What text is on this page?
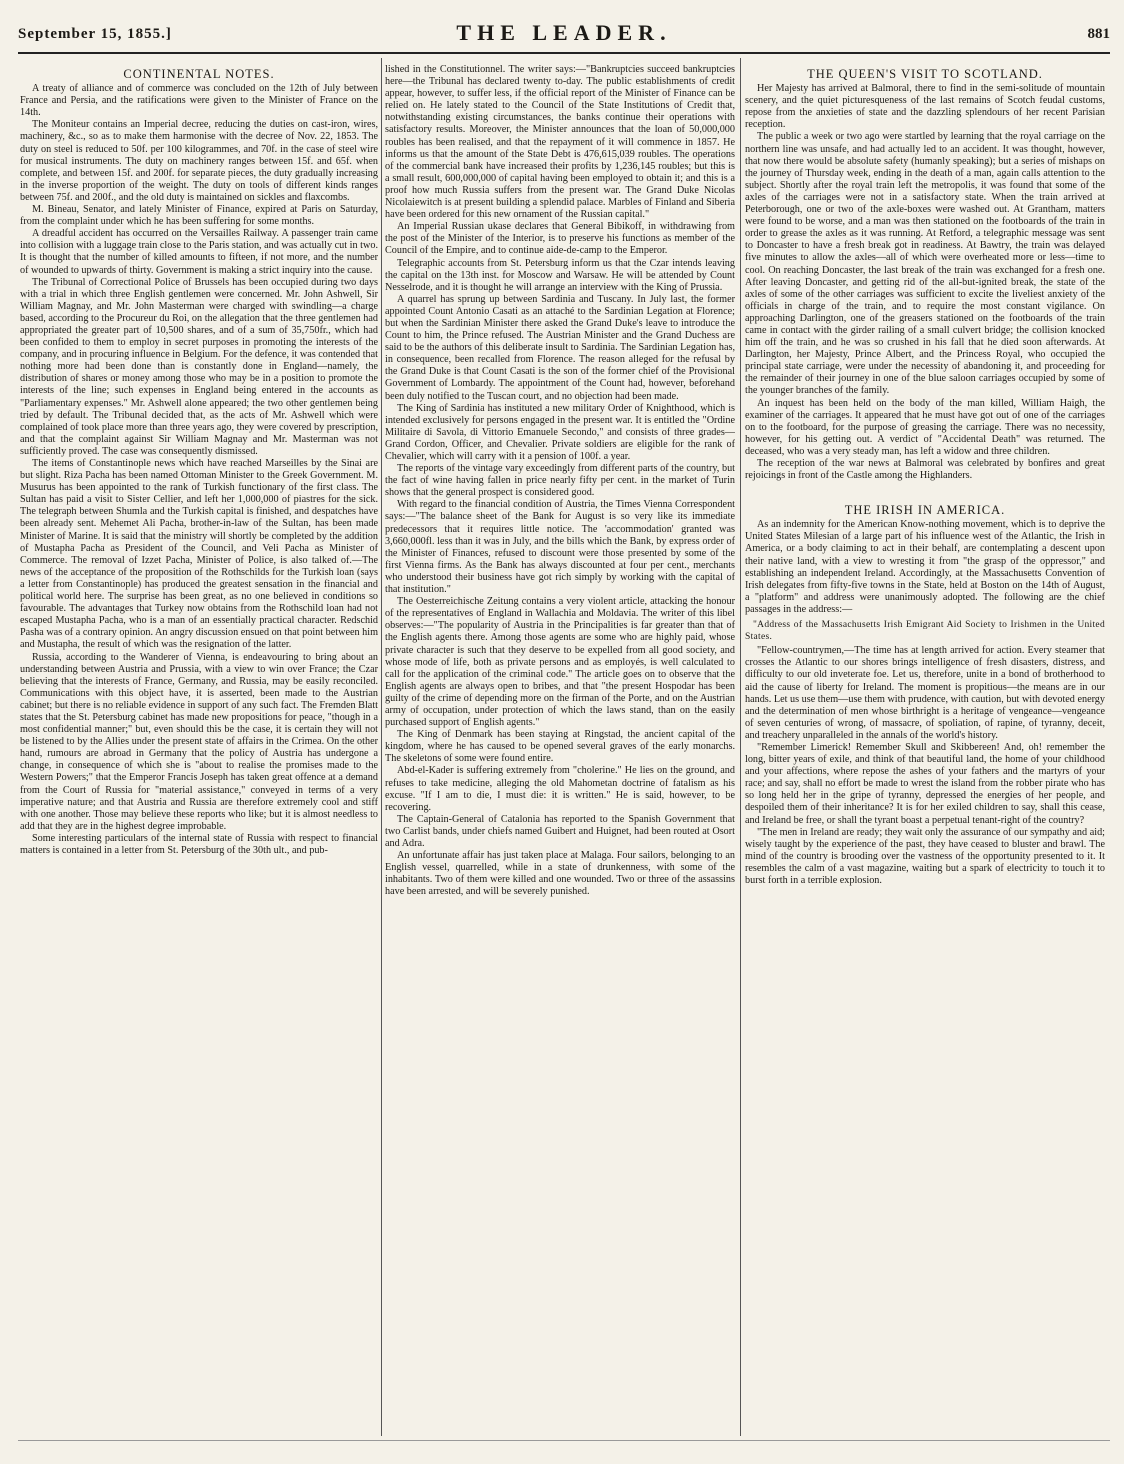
September 15, 1855.]	THE LEADER.	881
CONTINENTAL NOTES.

A treaty of alliance and of commerce was concluded on the 12th of July between France and Persia, and the ratifications were given to the Minister of France on the 14th.

The Moniteur contains an Imperial decree, reducing the duties on cast-iron, wires, machinery, &c., so as to make them harmonise with the decree of Nov. 22, 1853. The duty on steel is reduced to 50f. per 100 kilogrammes, and 70f. in the case of steel wire for musical instruments. The duty on machinery ranges between 15f. and 65f. when complete, and between 15f. and 200f. for separate pieces, the duty gradually increasing in the inverse proportion of the weight. The duty on tools of different kinds ranges between 75f. and 200f., and the old duty is maintained on sickles and flaxcombs.

M. Bineau, Senator, and lately Minister of Finance, expired at Paris on Saturday, from the complaint under which he has been suffering for some months.

A dreadful accident has occurred on the Versailles Railway. A passenger train came into collision with a luggage train close to the Paris station, and was actually cut in two. It is thought that the number of killed amounts to fifteen, if not more, and the number of wounded to upwards of thirty. Government is making a strict inquiry into the cause.

The Tribunal of Correctional Police of Brussels has been occupied during two days with a trial in which three English gentlemen were concerned. Mr. John Ashwell, Sir William Magnay, and Mr. John Masterman were charged with swindling—a charge based, according to the Procureur du Roi, on the allegation that the three gentlemen had appropriated the greater part of 10,500 shares, and of a sum of 35,750fr., which had been confided to them to employ in secret purposes in promoting the interests of the company, and in procuring influence in Belgium. For the defence, it was contended that nothing more had been done than is constantly done in England—namely, the distribution of shares or money among those who may be in a position to promote the interests of the line; such expenses in England being entered in the accounts as "Parliamentary expenses." Mr. Ashwell alone appeared; the two other gentlemen being tried by default. The Tribunal decided that, as the acts of Mr. Ashwell which were complained of took place more than three years ago, they were covered by prescription, and that the complaint against Sir William Magnay and Mr. Masterman was not sufficiently proved. The case was consequently dismissed.

The items of Constantinople news which have reached Marseilles by the Sinai are but slight. Riza Pacha has been named Ottoman Minister to the Greek Government. M. Musurus has been appointed to the rank of Turkish functionary of the first class. The Sultan has paid a visit to Sister Cellier, and left her 1,000,000 of piastres for the sick. The telegraph between Shumla and the Turkish capital is finished, and despatches have been already sent. Mehemet Ali Pacha, brother-in-law of the Sultan, has been made Minister of Marine. It is said that the ministry will shortly be completed by the addition of Mustapha Pacha as President of the Council, and Veli Pacha as Minister of Commerce. The removal of Izzet Pacha, Minister of Police, is also talked of.—The news of the acceptance of the proposition of the Rothschilds for the Turkish loan (says a letter from Constantinople) has produced the greatest sensation in the financial and political world here. The surprise has been great, as no one believed in conditions so favourable. The advantages that Turkey now obtains from the Rothschild loan had not escaped Mustapha Pacha, who is a man of an essentially practical character. Redschid Pasha was of a contrary opinion. An angry discussion ensued on that point between him and Mustapha, the result of which was the resignation of the latter.

Russia, according to the Wanderer of Vienna, is endeavouring to bring about an understanding between Austria and Prussia, with a view to win over France; the Czar believing that the interests of France, Germany, and Russia, may be easily reconciled. Communications with this object have, it is asserted, been made to the Austrian cabinet; but there is no reliable evidence in support of any such fact. The Fremden Blatt states that the St. Petersburg cabinet has made new propositions for peace, "though in a most confidential manner;" but, even should this be the case, it is certain they will not be listened to by the Allies under the present state of affairs in the Crimea. On the other hand, rumours are abroad in Germany that the policy of Austria has undergone a change, in consequence of which she is "about to realise the promises made to the Western Powers;" that the Emperor Francis Joseph has taken great offence at a demand from the Court of Russia for "material assistance," conveyed in terms of a very imperative nature; and that Austria and Russia are therefore extremely cool and stiff with one another. Those may believe these reports who like; but it is almost needless to add that they are in the highest degree improbable.

Some interesting particulars of the internal state of Russia with respect to financial matters is contained in a letter from St. Petersburg of the 30th ult., and pub-

lished in the Constitutionnel. The writer says:—"Bankruptcies succeed bankruptcies here—the Tribunal has declared twenty to-day. The public establishments of credit appear, however, to suffer less, if the official report of the Minister of Finance can be relied on. He lately stated to the Council of the State Institutions of Credit that, notwithstanding existing circumstances, the banks continue their operations with satisfactory results. Moreover, the Minister announces that the loan of 50,000,000 roubles has been realised, and that the repayment of it will commence in 1857. He informs us that the amount of the State Debt is 476,615,039 roubles. The operations of the commercial bank have increased their profits by 1,236,145 roubles; but this is a small result, 600,000,000 of capital having been employed to obtain it; and this is a proof how much Russia suffers from the present war. The Grand Duke Nicolas Nicolaiewitch is at present building a splendid palace. Marbles of Finland and Siberia have been ordered for this new ornament of the Russian capital."

An Imperial Russian ukase declares that General Bibikoff, in withdrawing from the post of the Minister of the Interior, is to preserve his functions as member of the Council of the Empire, and to continue aide-de-camp to the Emperor.

Telegraphic accounts from St. Petersburg inform us that the Czar intends leaving the capital on the 13th inst. for Moscow and Warsaw. He will be attended by Count Nesselrode, and it is thought he will arrange an interview with the King of Prussia.

A quarrel has sprung up between Sardinia and Tuscany. In July last, the former appointed Count Antonio Casati as an attaché to the Sardinian Legation at Florence; but when the Sardinian Minister there asked the Grand Duke's leave to introduce the Count to him, the Prince refused. The Austrian Minister and the Grand Duchess are said to be the authors of this deliberate insult to Sardinia. The Sardinian Legation has, in consequence, been recalled from Florence. The reason alleged for the refusal by the Grand Duke is that Count Casati is the son of the former chief of the Provisional Government of Lombardy. The appointment of the Count had, however, beforehand been duly notified to the Tuscan court, and no objection had been made.

The King of Sardinia has instituted a new military Order of Knighthood, which is intended exclusively for persons engaged in the present war. It is entitled the "Ordine Militaire di Savola, di Vittorio Emanuele Secondo," and consists of three grades—Grand Cordon, Officer, and Chevalier. Private soldiers are eligible for the rank of Chevalier, which will carry with it a pension of 100f. a year.

The reports of the vintage vary exceedingly from different parts of the country, but the fact of wine having fallen in price nearly fifty per cent. in the market of Turin shows that the general prospect is considered good.

With regard to the financial condition of Austria, the Times Vienna Correspondent says:—"The balance sheet of the Bank for August is so very like its immediate predecessors that it requires little notice. The 'accommodation' granted was 3,660,000fl. less than it was in July, and the bills which the Bank, by express order of the Minister of Finances, refused to discount were those presented by some of the first Vienna firms. As the Bank has always discounted at four per cent., merchants who understood their business have got rich simply by working with the capital of that institution."

The Oesterreichische Zeitung contains a very violent article, attacking the honour of the representatives of England in Wallachia and Moldavia. The writer of this libel observes:—"The popularity of Austria in the Principalities is far greater than that of the English agents there. Among those agents are some who are highly paid, whose private character is such that they deserve to be expelled from all good society, and whose mode of life, both as private persons and as employés, is well calculated to call for the application of the criminal code." The article goes on to observe that the English agents are always open to bribes, and that "the present Hospodar has been guilty of the crime of depending more on the firman of the Porte, and on the Austrian army of occupation, under protection of which the laws stand, than on the easily purchased support of English agents."

The King of Denmark has been staying at Ringstad, the ancient capital of the kingdom, where he has caused to be opened several graves of the early monarchs. The skeletons of some were found entire.

Abd-el-Kader is suffering extremely from "cholerine." He lies on the ground, and refuses to take medicine, alleging the old Mahometan doctrine of fatalism as his excuse. "If I am to die, I must die: it is written." He is said, however, to be recovering.

The Captain-General of Catalonia has reported to the Spanish Government that two Carlist bands, under chiefs named Guibert and Huignet, had been routed at Osort and Adra.

An unfortunate affair has just taken place at Malaga. Four sailors, belonging to an English vessel, quarrelled, while in a state of drunkenness, with some of the inhabitants. Two of them were killed and one wounded. Two or three of the assassins have been arrested, and will be severely punished.

THE QUEEN'S VISIT TO SCOTLAND.

Her Majesty has arrived at Balmoral, there to find in the semi-solitude of mountain scenery, and the quiet picturesqueness of the last remains of Scotch feudal customs, repose from the anxieties of state and the dazzling splendours of her recent Parisian reception.

The public a week or two ago were startled by learning that the royal carriage on the northern line was unsafe, and had actually led to an accident. It was thought, however, that now there would be absolute safety (humanly speaking); but a series of mishaps on the journey of Thursday week, ending in the death of a man, again calls attention to the subject. Shortly after the royal train left the metropolis, it was found that some of the axles of the carriages were not in a satisfactory state. When the train arrived at Peterborough, one or two of the axle-boxes were washed out. At Grantham, matters were found to be worse, and a man was then stationed on the footboards of the train in order to grease the axles as it was running. At Retford, a telegraphic message was sent to Doncaster to have a fresh break got in readiness. At Bawtry, the train was delayed five minutes to allow the axles—all of which were overheated more or less—time to cool. On reaching Doncaster, the last break of the train was exchanged for a fresh one. After leaving Doncaster, and getting rid of the all-but-ignited break, the state of the axles of some of the other carriages was sufficient to excite the liveliest anxiety of the officials in charge of the train, and to require the most constant vigilance. On approaching Darlington, one of the greasers stationed on the footboards of the train came in contact with the girder railing of a small culvert bridge; the collision knocked him off the train, and he was so crushed in his fall that he died soon afterwards. At Darlington, her Majesty, Prince Albert, and the Princess Royal, who occupied the principal state carriage, were under the necessity of abandoning it, and proceeding for the remainder of their journey in one of the blue saloon carriages occupied by some of the younger branches of the family.

An inquest has been held on the body of the man killed, William Haigh, the examiner of the carriages. It appeared that he must have got out of one of the carriages on to the footboard, for the purpose of greasing the carriage. There was no necessity, however, for his getting out. A verdict of "Accidental Death" was returned. The deceased, who was a very steady man, has left a widow and three children.

The reception of the war news at Balmoral was celebrated by bonfires and great rejoicings in front of the Castle among the Highlanders.

THE IRISH IN AMERICA.

As an indemnity for the American Know-nothing movement, which is to deprive the United States Milesian of a large part of his influence west of the Atlantic, the Irish in America, or a body claiming to act in their behalf, are contemplating a descent upon their native land, with a view to wresting it from "the grasp of the oppressor," and establishing an independent Ireland. Accordingly, at the Massachusetts Convention of Irish delegates from fifty-five towns in the State, held at Boston on the 14th of August, a "platform" and address were unanimously adopted. The following are the chief passages in the address:—

"Address of the Massachusetts Irish Emigrant Aid Society to Irishmen in the United States.

"Fellow-countrymen,—The time has at length arrived for action. Every steamer that crosses the Atlantic to our shores brings intelligence of fresh disasters, distress, and difficulty to our old inveterate foe. Let us, therefore, unite in a bond of brotherhood to aid the cause of liberty for Ireland. The moment is propitious—the means are in our hands. Let us use them—use them with prudence, with caution, but with devoted energy and the determination of men whose birthright is a heritage of vengeance—vengeance of seven centuries of wrong, of massacre, of spoliation, of rapine, of tyranny, deceit, and treachery unparalleled in the annals of the world's history.

"Remember Limerick! Remember Skull and Skibbereen! And, oh! remember the long, bitter years of exile, and think of that beautiful land, the home of your childhood and your affections, where repose the ashes of your fathers and the martyrs of your race; and say, shall no effort be made to wrest the island from the robber pirate who has so long held her in the gripe of tyranny, depressed the energies of her people, and despoiled them of their inheritance? It is for her exiled children to say, shall this cease, and Ireland be free, or shall the tyrant boast a perpetual tenant-right of the country?

"The men in Ireland are ready; they wait only the assurance of our sympathy and aid; wisely taught by the experience of the past, they have ceased to bluster and brawl. The mind of the country is brooding over the vastness of the opportunity presented to it. It resembles the calm of a vast magazine, waiting but a spark of electricity to touch it to burst forth in a terrible explosion.
